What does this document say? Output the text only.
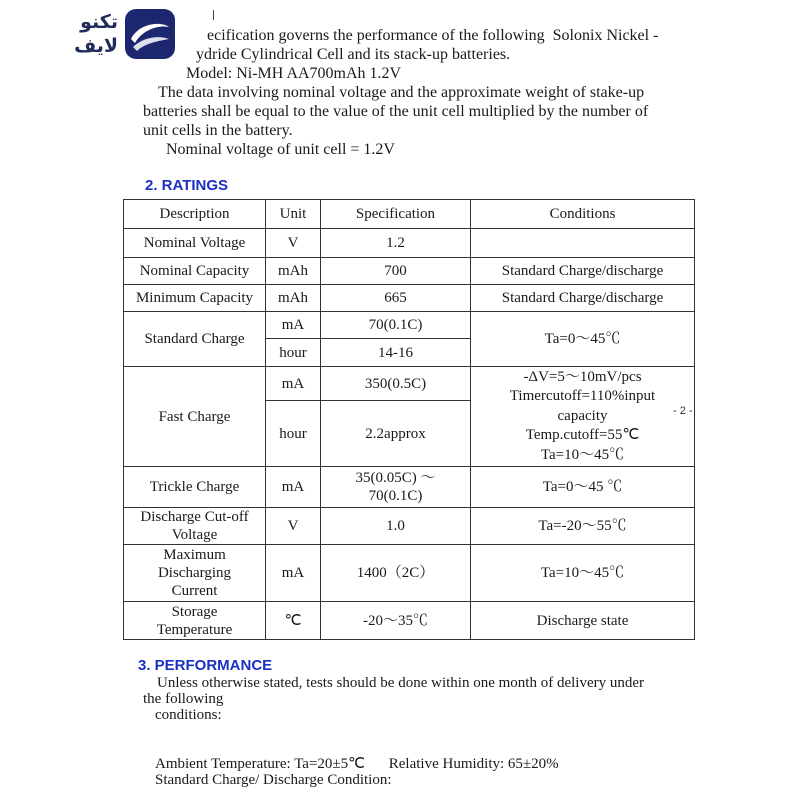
تکنو
لایف	ecification governs the performance of the following Solonix Nickel -
ydride Cylindrical Cell and its stack-up batteries.
Model: Ni-MH AA700mAh 1.2V
The data involving nominal voltage and the approximate weight of stake-up
batteries shall be equal to the value of the unit cell multiplied by the number of
unit cells in the battery.
Nominal voltage of unit cell = 1.2V
2. RATINGS
Description	Unit	Specification	Conditions
Nominal Voltage	V	1.2	
Nominal Capacity	mAh	700	Standard Charge/discharge
Minimum Capacity	mAh	665	Standard Charge/discharge
Standard Charge	mA	70(0.1C)	Ta=0～45℃
	hour	14-16	
Fast Charge	mA	350(0.5C)	-ΔV=5～10mV/pcs
Timercutoff=110%input
capacity
Temp.cutoff=55℃
Ta=10～45℃

	hour	2.2approx	
Trickle Charge	mA	35(0.05C) ～
70(0.1C)	Ta=0～45 ℃

Discharge Cut-off
Voltage	V	1.0	Ta=-20～55℃

Maximum
Discharging
Current	mA	1400（2C）	Ta=10～45℃

Storage
Temperature	℃	-20～35℃	Discharge state
- 2 -
3. PERFORMANCE
Unless otherwise stated, tests should be done within one month of delivery under
the following
conditions:
Ambient Temperature: Ta=20±5℃ Relative Humidity: 65±20%
Standard Charge/ Discharge Condition:
